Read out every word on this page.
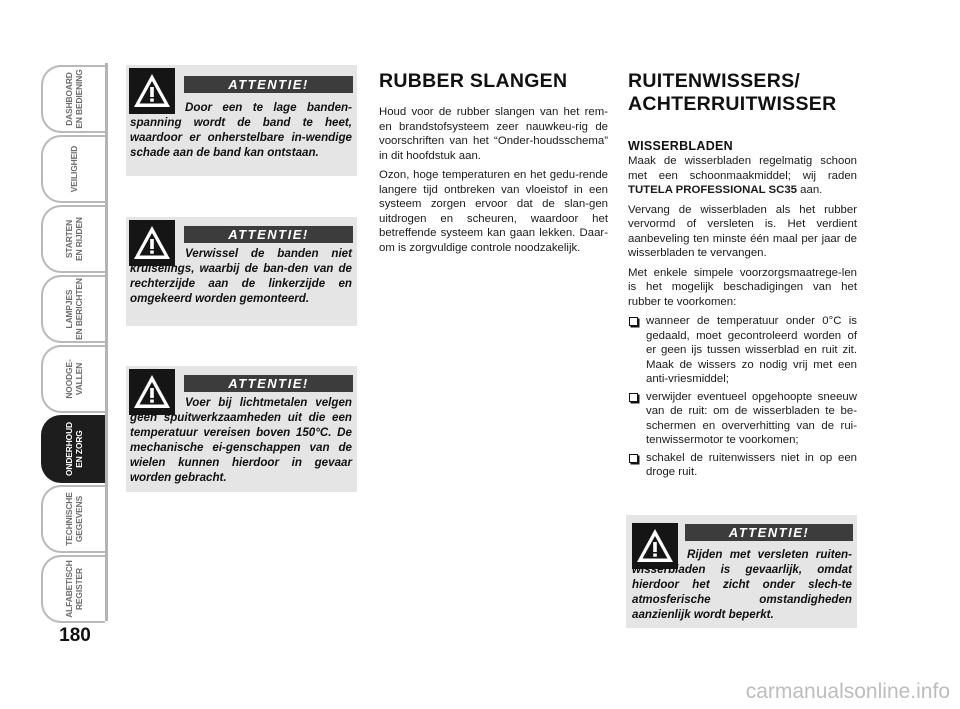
DASHBOARD
EN BEDIENING
VEILIGHEID
STARTEN
EN RIJDEN
LAMPJES
EN BERICHTEN
NOODGE-
VALLEN
ONDERHOUD
EN ZORG
TECHNISCHE
GEGEVENS
ALFABETISCH
REGISTER
180
ATTENTIE!

Door een te lage banden-spanning wordt de band te heet, waardoor er onherstelbare in-wendige schade aan de band kan ontstaan.

ATTENTIE!

Verwissel de banden niet kruiselings, waarbij de ban-den van de rechterzijde aan de linkerzijde en omgekeerd worden gemonteerd.

ATTENTIE!

Voer bij lichtmetalen velgen geen spuitwerkzaamheden uit die een temperatuur vereisen boven 150°C. De mechanische ei-genschappen van de wielen kunnen hierdoor in gevaar worden gebracht.

RUBBER SLANGEN

Houd voor de rubber slangen van het rem- en brandstofsysteem zeer nauwkeu-rig de voorschriften van het “Onder-houdsschema” in dit hoofdstuk aan.

Ozon, hoge temperaturen en het gedu-rende langere tijd ontbreken van vloeistof in een systeem zorgen ervoor dat de slan-gen uitdrogen en scheuren, waardoor het betreffende systeem kan gaan lekken. Daar-om is zorgvuldige controle noodzakelijk.

RUITENWISSERS/
ACHTERRUITWISSER
WISSERBLADEN

Maak de wisserbladen regelmatig schoon met een schoonmaakmiddel; wij raden TUTELA PROFESSIONAL SC35 aan.

Vervang de wisserbladen als het rubber vervormd of versleten is. Het verdient aanbeveling ten minste één maal per jaar de wisserbladen te vervangen.

Met enkele simpele voorzorgsmaatrege-len is het mogelijk beschadigingen van het rubber te voorkomen:

wanneer de temperatuur onder 0°C is gedaald, moet gecontroleerd worden of er geen ijs tussen wisserblad en ruit zit. Maak de wissers zo nodig vrij met een anti-vriesmiddel;
verwijder eventueel opgehoopte sneeuw van de ruit: om de wisserbladen te be-schermen en oververhitting van de rui-tenwissermotor te voorkomen;
schakel de ruitenwissers niet in op een droge ruit.
ATTENTIE!

Rijden met versleten ruiten-wisserbladen is gevaarlijk, omdat hierdoor het zicht onder slech-te atmosferische omstandigheden aanzienlijk wordt beperkt.

carmanualsonline.info
